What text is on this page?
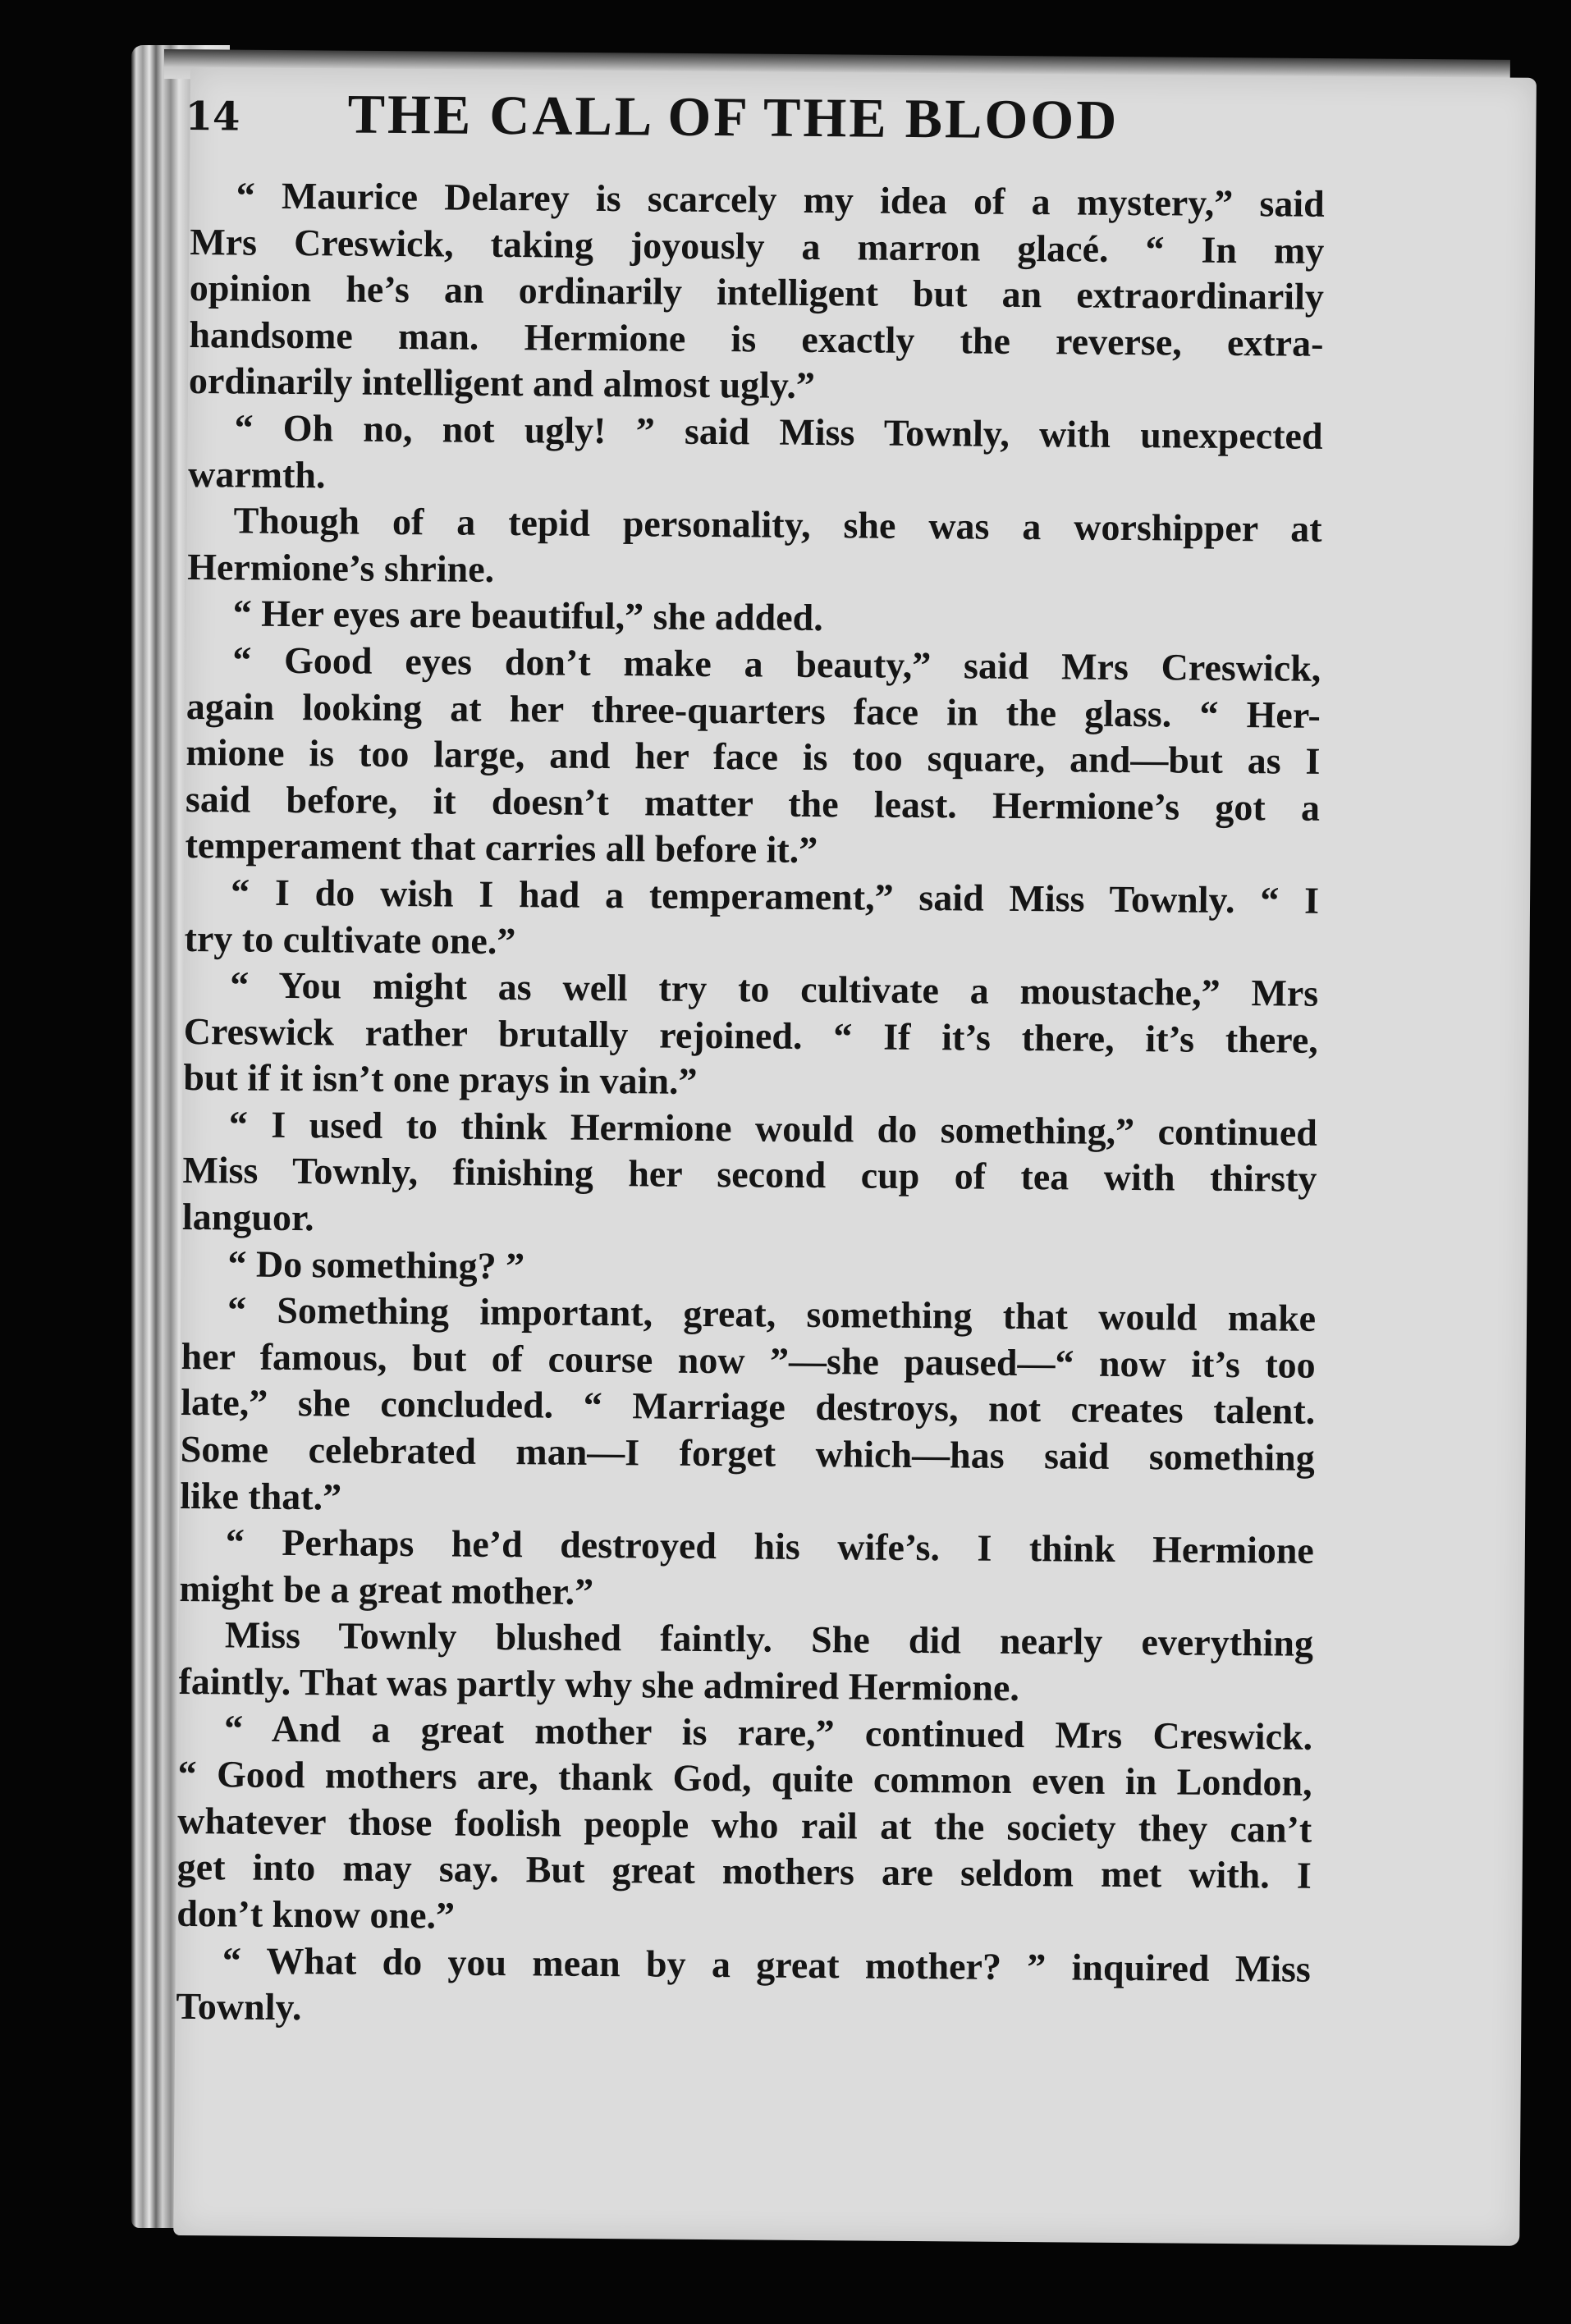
14 THE CALL OF THE BLOOD
“ Maurice Delarey is scarcely my idea of a mystery,” said
Mrs Creswick, taking joyously a marron glacé. “ In my
opinion he’s an ordinarily intelligent but an extraordinarily
handsome man. Hermione is exactly the reverse, extra-
ordinarily intelligent and almost ugly.”
“ Oh no, not ugly! ” said Miss Townly, with unexpected
warmth.
Though of a tepid personality, she was a worshipper at
Hermione’s shrine.
“ Her eyes are beautiful,” she added.
“ Good eyes don’t make a beauty,” said Mrs Creswick,
again looking at her three-quarters face in the glass. “ Her-
mione is too large, and her face is too square, and—but as I
said before, it doesn’t matter the least. Hermione’s got a
temperament that carries all before it.”
“ I do wish I had a temperament,” said Miss Townly. “ I
try to cultivate one.”
“ You might as well try to cultivate a moustache,” Mrs
Creswick rather brutally rejoined. “ If it’s there, it’s there,
but if it isn’t one prays in vain.”
“ I used to think Hermione would do something,” continued
Miss Townly, finishing her second cup of tea with thirsty
languor.
“ Do something? ”
“ Something important, great, something that would make
her famous, but of course now ”—she paused—“ now it’s too
late,” she concluded. “ Marriage destroys, not creates talent.
Some celebrated man—I forget which—has said something
like that.”
“ Perhaps he’d destroyed his wife’s. I think Hermione
might be a great mother.”
Miss Townly blushed faintly. She did nearly everything
faintly. That was partly why she admired Hermione.
“ And a great mother is rare,” continued Mrs Creswick.
“ Good mothers are, thank God, quite common even in London,
whatever those foolish people who rail at the society they can’t
get into may say. But great mothers are seldom met with. I
don’t know one.”
“ What do you mean by a great mother? ” inquired Miss
Townly.
